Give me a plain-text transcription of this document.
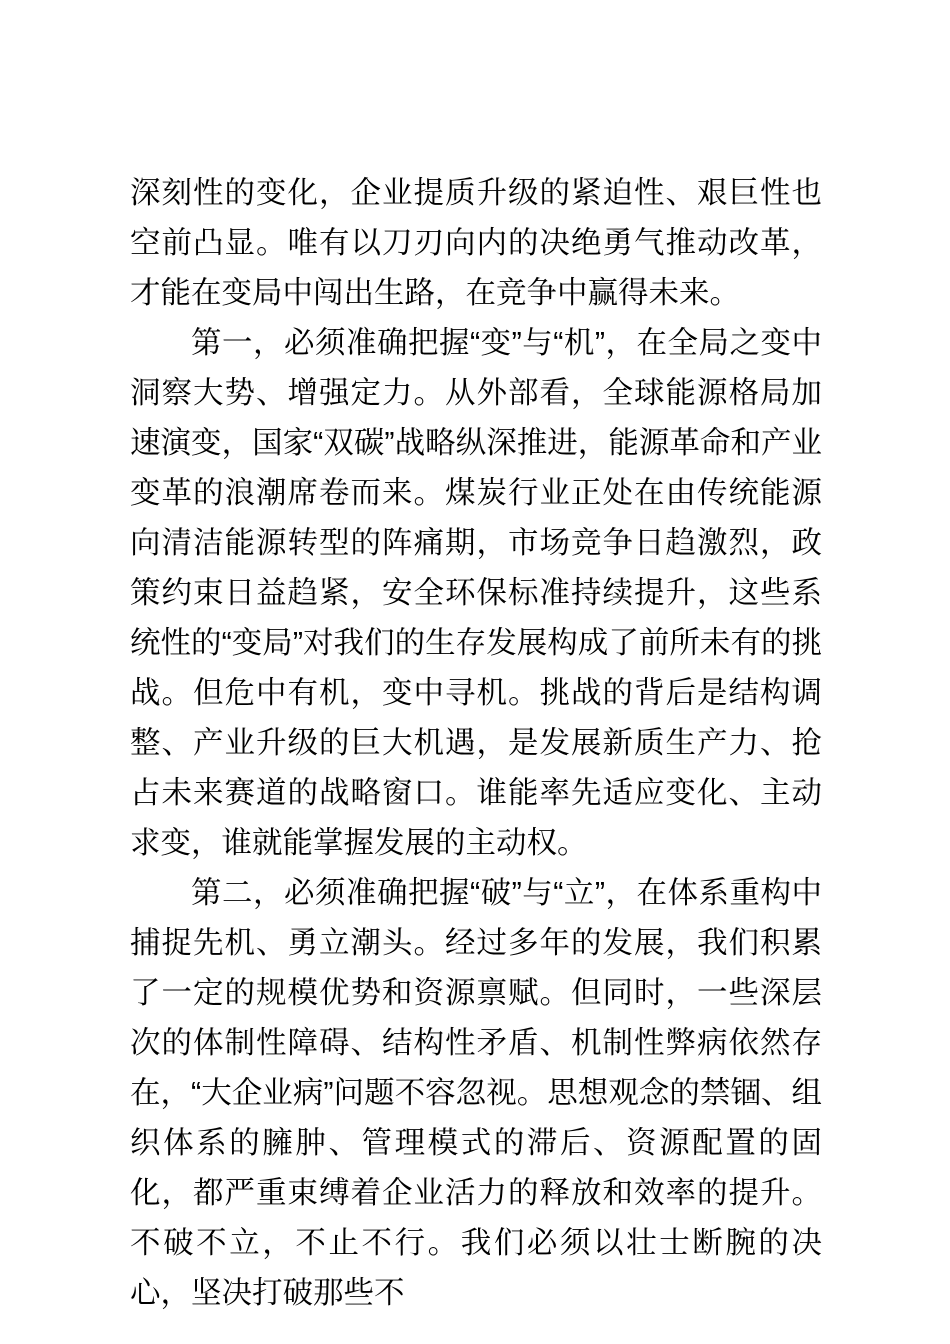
深刻性的变化，企业提质升级的紧迫性、艰巨性也空前凸显。唯有以刀刃向内的决绝勇气推动改革，才能在变局中闯出生路，在竞争中赢得未来。

第一，必须准确把握“变”与“机”，在全局之变中洞察大势、增强定力。从外部看，全球能源格局加速演变，国家“双碳”战略纵深推进，能源革命和产业变革的浪潮席卷而来。煤炭行业正处在由传统能源向清洁能源转型的阵痛期，市场竞争日趋激烈，政策约束日益趋紧，安全环保标准持续提升，这些系统性的“变局”对我们的生存发展构成了前所未有的挑战。但危中有机，变中寻机。挑战的背后是结构调整、产业升级的巨大机遇，是发展新质生产力、抢占未来赛道的战略窗口。谁能率先适应变化、主动求变，谁就能掌握发展的主动权。

第二，必须准确把握“破”与“立”，在体系重构中捕捉先机、勇立潮头。经过多年的发展，我们积累了一定的规模优势和资源禀赋。但同时，一些深层次的体制性障碍、结构性矛盾、机制性弊病依然存在，“大企业病”问题不容忽视。思想观念的禁锢、组织体系的臃肿、管理模式的滞后、资源配置的固化，都严重束缚着企业活力的释放和效率的提升。不破不立，不止不行。我们必须以壮士断腕的决心，坚决打破那些不
